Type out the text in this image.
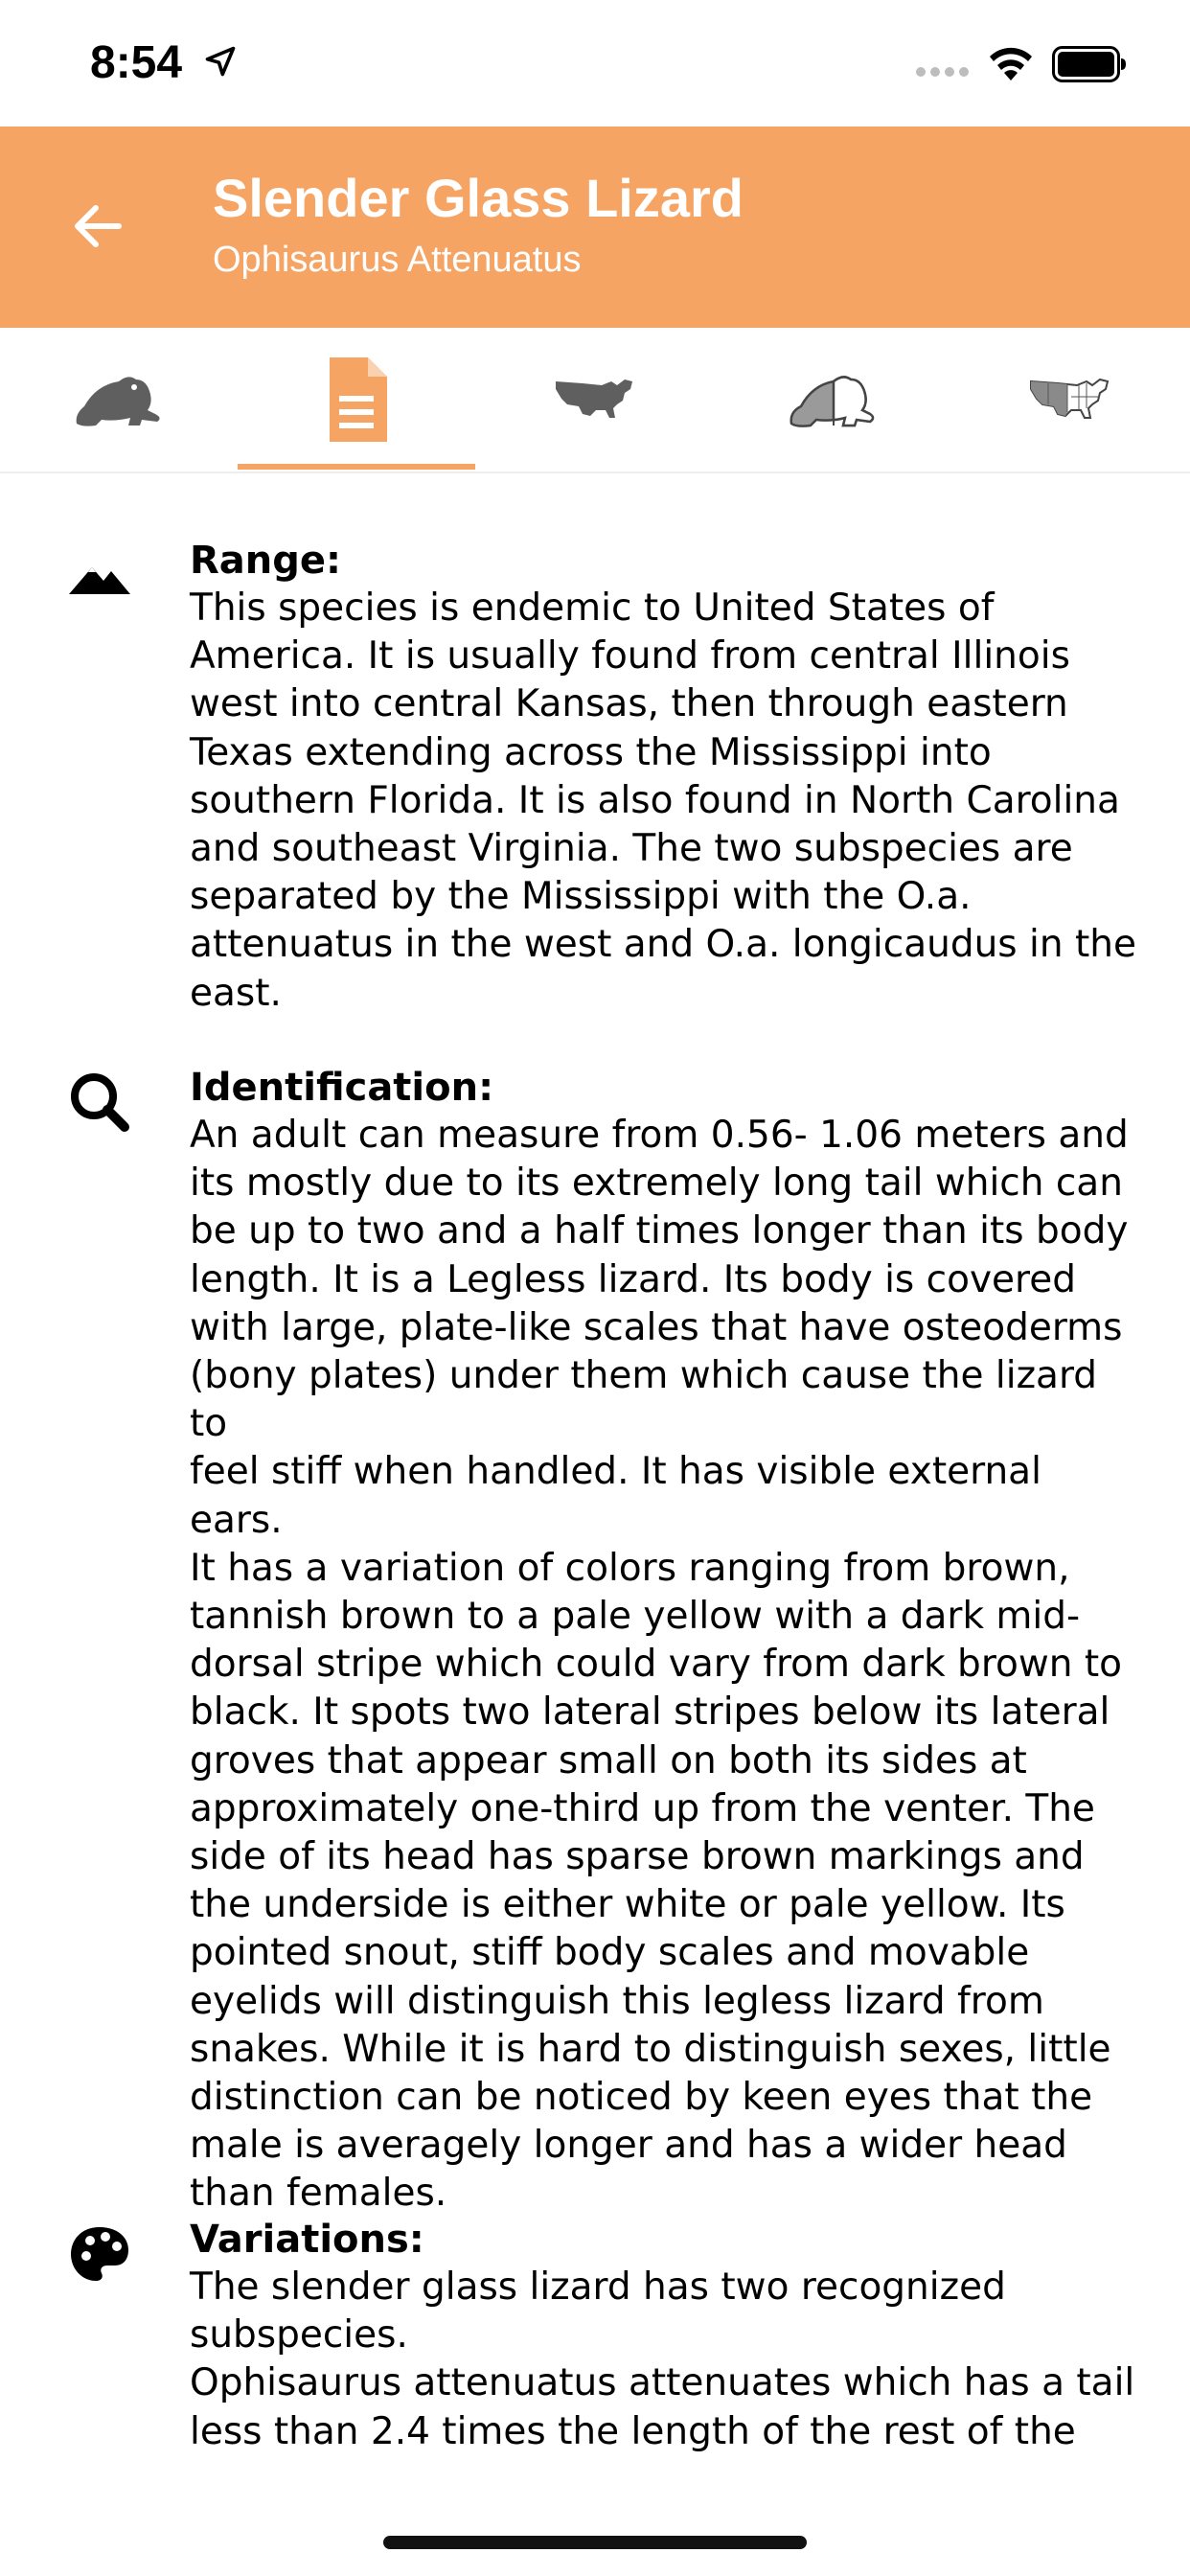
8:54
Slender Glass Lizard
Ophisaurus Attenuatus

Range:

This species is endemic to United States of
America. It is usually found from central Illinois
west into central Kansas, then through eastern
Texas extending across the Mississippi into
southern Florida. It is also found in North Carolina
and southeast Virginia. The two subspecies are
separated by the Mississippi with the O.a.
attenuatus in the west and O.a. longicaudus in the
east.

Identification:

An adult can measure from 0.56- 1.06 meters and
its mostly due to its extremely long tail which can
be up to two and a half times longer than its body
length. It is a Legless lizard. Its body is covered
with large, plate-like scales that have osteoderms
(bony plates) under them which cause the lizard to
feel stiff when handled. It has visible external ears.
It has a variation of colors ranging from brown,
tannish brown to a pale yellow with a dark mid-
dorsal stripe which could vary from dark brown to
black. It spots two lateral stripes below its lateral
groves that appear small on both its sides at
approximately one-third up from the venter. The
side of its head has sparse brown markings and
the underside is either white or pale yellow. Its
pointed snout, stiff body scales and movable
eyelids will distinguish this legless lizard from
snakes. While it is hard to distinguish sexes, little
distinction can be noticed by keen eyes that the
male is averagely longer and has a wider head
than females.

Variations:

The slender glass lizard has two recognized
subspecies.
Ophisaurus attenuatus attenuates which has a tail
less than 2.4 times the length of the rest of the
